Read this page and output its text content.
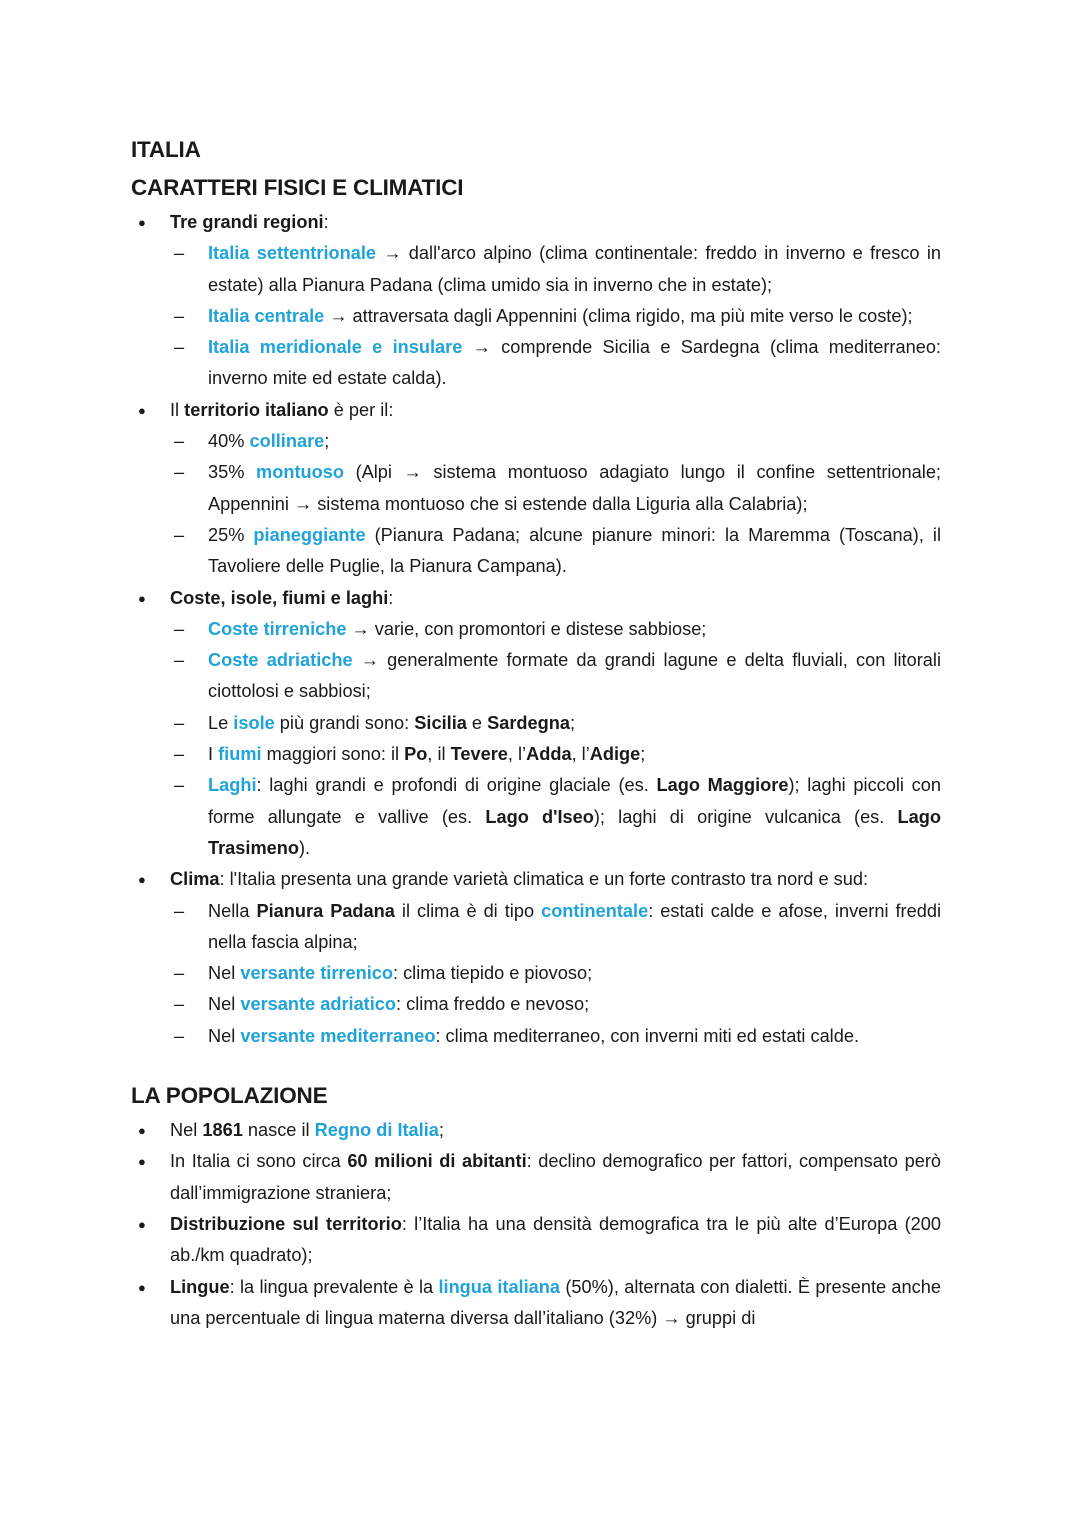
ITALIA
CARATTERI FISICI E CLIMATICI
Tre grandi regioni:
– Italia settentrionale → dall'arco alpino (clima continentale: freddo in inverno e fresco in estate) alla Pianura Padana (clima umido sia in inverno che in estate);
– Italia centrale → attraversata dagli Appennini (clima rigido, ma più mite verso le coste);
– Italia meridionale e insulare → comprende Sicilia e Sardegna (clima mediterraneo: inverno mite ed estate calda).
Il territorio italiano è per il:
– 40% collinare;
– 35% montuoso (Alpi → sistema montuoso adagiato lungo il confine settentrionale; Appennini → sistema montuoso che si estende dalla Liguria alla Calabria);
– 25% pianeggiante (Pianura Padana; alcune pianure minori: la Maremma (Toscana), il Tavoliere delle Puglie, la Pianura Campana).
Coste, isole, fiumi e laghi:
– Coste tirreniche → varie, con promontori e distese sabbiose;
– Coste adriatiche → generalmente formate da grandi lagune e delta fluviali, con litorali ciottolosi e sabbiosi;
– Le isole più grandi sono: Sicilia e Sardegna;
– I fiumi maggiori sono: il Po, il Tevere, l’Adda, l’Adige;
– Laghi: laghi grandi e profondi di origine glaciale (es. Lago Maggiore); laghi piccoli con forme allungate e vallive (es. Lago d'Iseo); laghi di origine vulcanica (es. Lago Trasimeno).
Clima: l'Italia presenta una grande varietà climatica e un forte contrasto tra nord e sud:
– Nella Pianura Padana il clima è di tipo continentale: estati calde e afose, inverni freddi nella fascia alpina;
– Nel versante tirrenico: clima tiepido e piovoso;
– Nel versante adriatico: clima freddo e nevoso;
– Nel versante mediterraneo: clima mediterraneo, con inverni miti ed estati calde.
LA POPOLAZIONE
Nel 1861 nasce il Regno di Italia;
In Italia ci sono circa 60 milioni di abitanti: declino demografico per fattori, compensato però dall’immigrazione straniera;
Distribuzione sul territorio: l’Italia ha una densità demografica tra le più alte d’Europa (200 ab./km quadrato);
Lingue: la lingua prevalente è la lingua italiana (50%), alternata con dialetti. È presente anche una percentuale di lingua materna diversa dall’italiano (32%) → gruppi di
